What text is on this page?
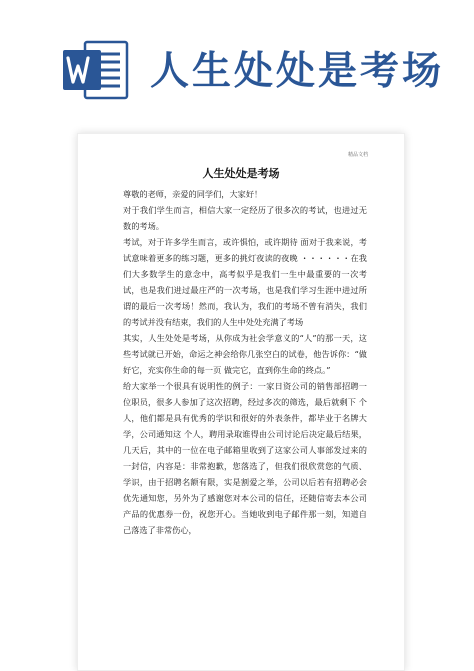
人生处处是考场
精品文档
人生处处是考场

尊敬的老师，亲爱的同学们，大家好！

对于我们学生而言，相信大家一定经历了很多次的考试，也进过无数的考场。

考试，对于许多学生而言，或许惧怕，或许期待 面对于我来说，考试意味着更多的练习题，更多的挑灯夜读的夜晚 ・・・・・・在我们大多数学生的意念中，高考似乎是我们一生中最重要的一次考试，也是我们进过最庄严的一次考场，也是我们学习生涯中进过所谓的最后一次考场！然而，我认为，我们的考场不曾有消失，我们的考试并没有结束，我们的人生中处处充满了考场

其实，人生处处是考场，从你成为社会学意义的“人”的那一天，这些考试就已开始，命运之神会给你几张空白的试卷，他告诉你：“做好它，充实你生命的每一页 做完它，直到你生命的终点。”

给大家举一个很具有说明性的例子：一家日资公司的销售部招聘一位职员，很多人参加了这次招聘，经过多次的筛选，最后就剩下 个人，他们都是具有优秀的学识和很好的外表条件，都毕业于名牌大学，公司通知这 个人，聘用录取谁得由公司讨论后决定最后结果，几天后，其中的一位在电子邮箱里收到了这家公司人事部发过来的一封信，内容是：非常抱歉，您落选了，但我们很欣赏您的气质、学识，由于招聘名额有限，实是割爱之举，公司以后若有招聘必会优先通知您，另外为了感谢您对本公司的信任，还随信寄去本公司产品的优惠券一份，祝您开心。当她收到电子邮件那一刻，知道自己落选了非常伤心，
